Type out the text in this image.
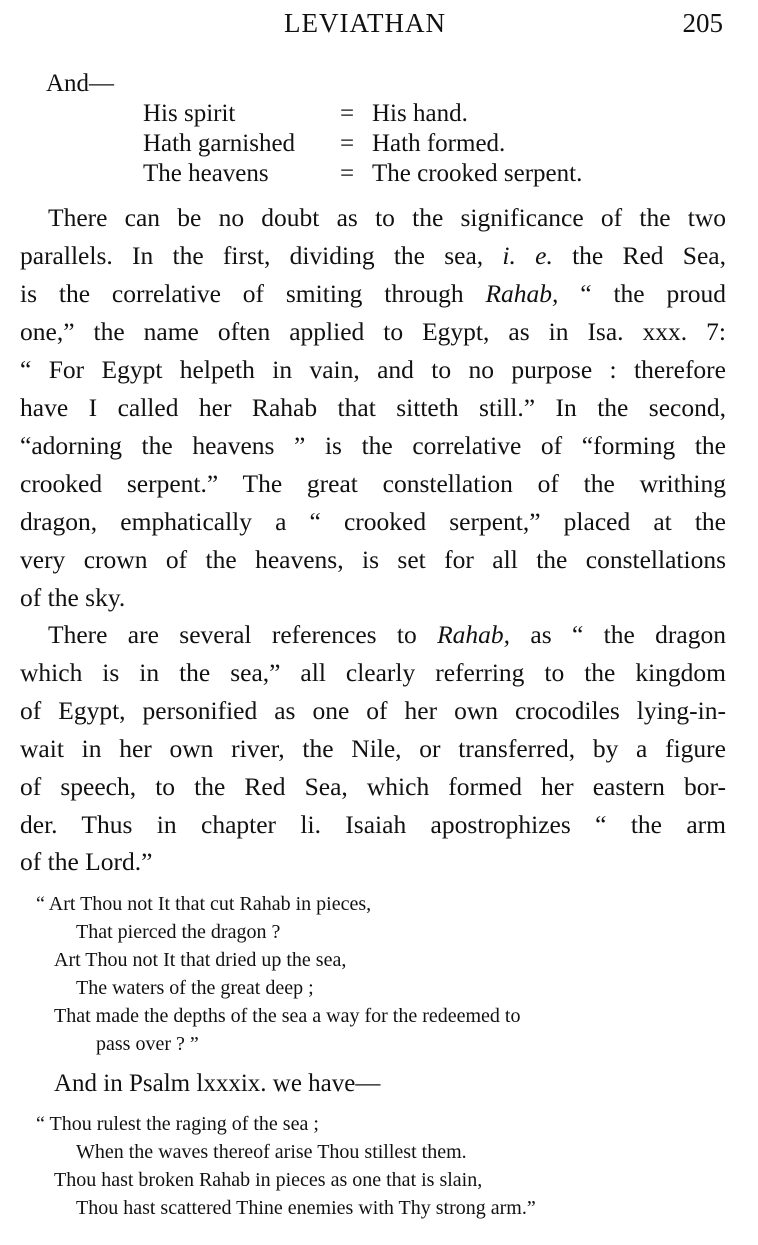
LEVIATHAN	205
And—
His spirit	= His hand.
Hath garnished = Hath formed.
The heavens	= The crooked serpent.
There can be no doubt as to the significance of the two
parallels. In the first, dividing the sea, i. e. the Red Sea,
is the correlative of smiting through Rahab, “ the proud
one,” the name often applied to Egypt, as in Isa. xxx. 7:
“ For Egypt helpeth in vain, and to no purpose : therefore
have I called her Rahab that sitteth still.” In the second,
“adorning the heavens ” is the correlative of “forming the
crooked serpent.” The great constellation of the writhing
dragon, emphatically a “ crooked serpent,” placed at the
very crown of the heavens, is set for all the constellations
of the sky.
There are several references to Rahab, as “ the dragon
which is in the sea,” all clearly referring to the kingdom
of Egypt, personified as one of her own crocodiles lying-in-
wait in her own river, the Nile, or transferred, by a figure
of speech, to the Red Sea, which formed her eastern bor-
der. Thus in chapter li. Isaiah apostrophizes “ the arm
of the Lord.”
“ Art Thou not It that cut Rahab in pieces,
That pierced the dragon ?
Art Thou not It that dried up the sea,
The waters of the great deep ;
That made the depths of the sea a way for the redeemed to
pass over ? ”
And in Psalm lxxxix. we have—
“ Thou rulest the raging of the sea ;
When the waves thereof arise Thou stillest them.
Thou hast broken Rahab in pieces as one that is slain,
Thou hast scattered Thine enemies with Thy strong arm.”
